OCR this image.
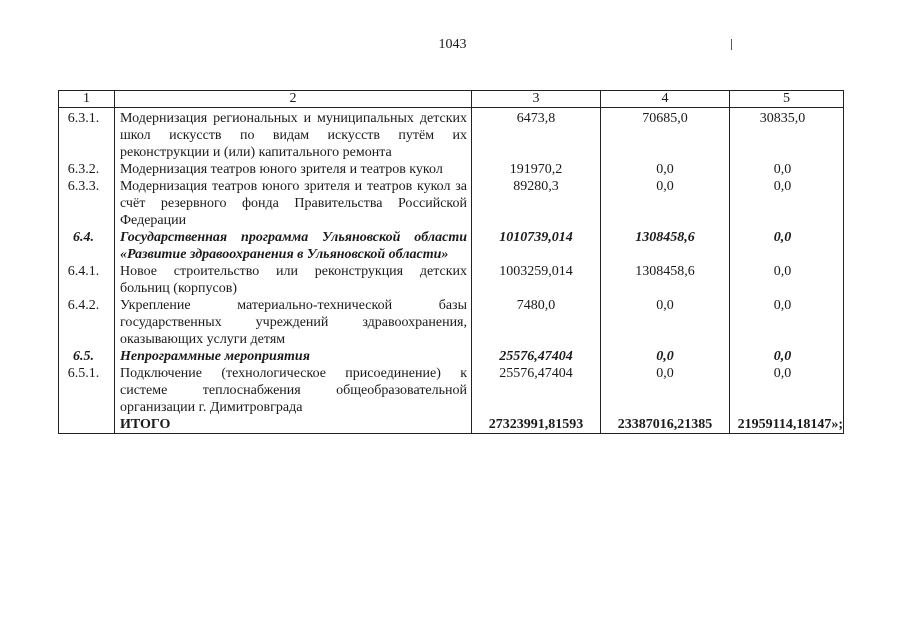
1043
1	2	3	4	5
6.3.1.	Модернизация региональных и муниципальных детских школ искусств по видам искусств путём их реконструкции и (или) капитального ремонта	6473,8	70685,0	30835,0
6.3.2.	Модернизация театров юного зрителя и театров кукол	191970,2	0,0	0,0
6.3.3.	Модернизация театров юного зрителя и театров кукол за счёт резервного фонда Правительства Российской Федерации	89280,3	0,0	0,0
6.4.	Государственная программа Ульяновской области «Развитие здравоохранения в Ульяновской области»	1010739,014	1308458,6	0,0
6.4.1.	Новое строительство или реконструкция детских больниц (корпусов)	1003259,014	1308458,6	0,0
6.4.2.	Укрепление материально-технической базы государственных учреждений здравоохранения, оказывающих услуги детям	7480,0	0,0	0,0
6.5.	Непрограммные мероприятия	25576,47404	0,0	0,0
6.5.1.	Подключение (технологическое присоединение) к системе теплоснабжения общеобразовательной организации г. Димитровграда	25576,47404	0,0	0,0
	ИТОГО	27323991,81593	23387016,21385	21959114,18147»;
